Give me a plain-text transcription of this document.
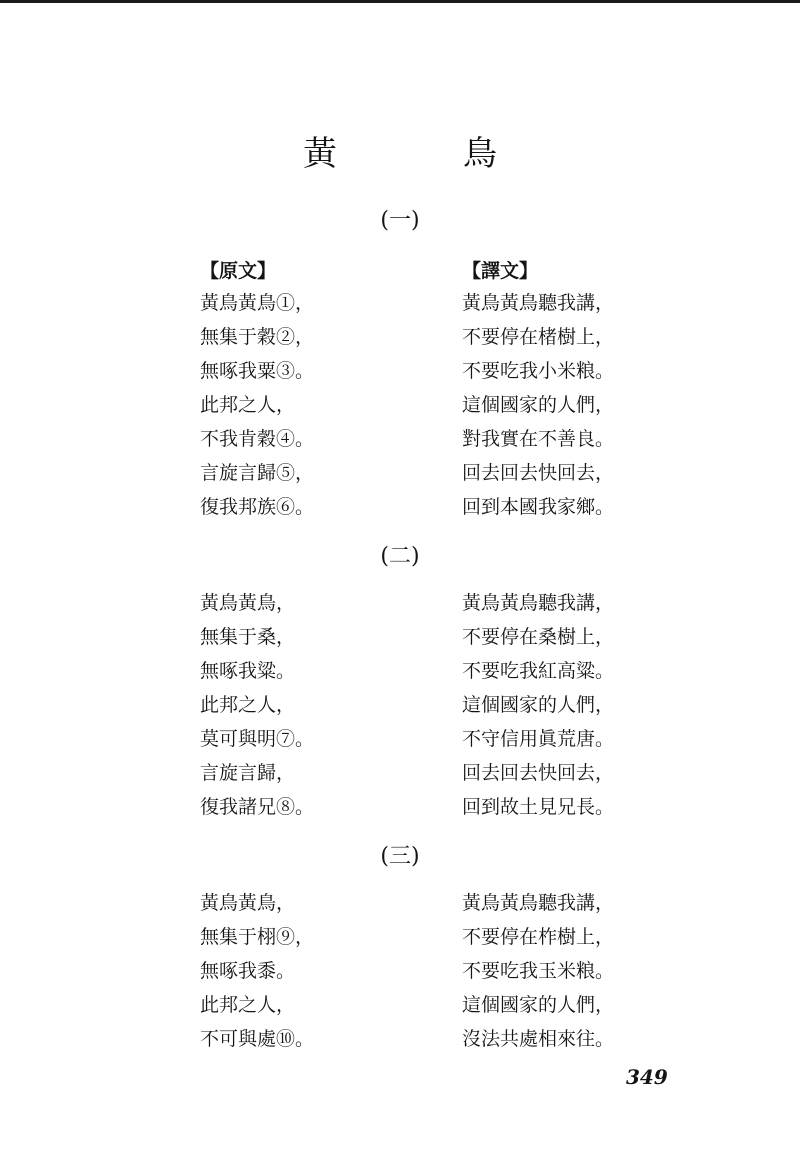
黃　鳥
(一)
【原文】	【譯文】
黃鳥黃鳥①，
無集于穀②，
無啄我粟③。
此邦之人，
不我肯穀④。
言旋言歸⑤，
復我邦族⑥。
黃鳥黃鳥聽我講，
不要停在楮樹上，
不要吃我小米粮。
這個國家的人們，
對我實在不善良。
回去回去快回去，
回到本國我家鄉。
(二)
黃鳥黃鳥，
無集于桑，
無啄我粱。
此邦之人，
莫可與明⑦。
言旋言歸，
復我諸兄⑧。
黃鳥黃鳥聽我講，
不要停在桑樹上，
不要吃我紅高粱。
這個國家的人們，
不守信用眞荒唐。
回去回去快回去，
回到故土見兄長。
(三)
黃鳥黃鳥，
無集于栩⑨，
無啄我黍。
此邦之人，
不可與處⑩。
黃鳥黃鳥聽我講，
不要停在柞樹上，
不要吃我玉米粮。
這個國家的人們，
沒法共處相來往。
349
